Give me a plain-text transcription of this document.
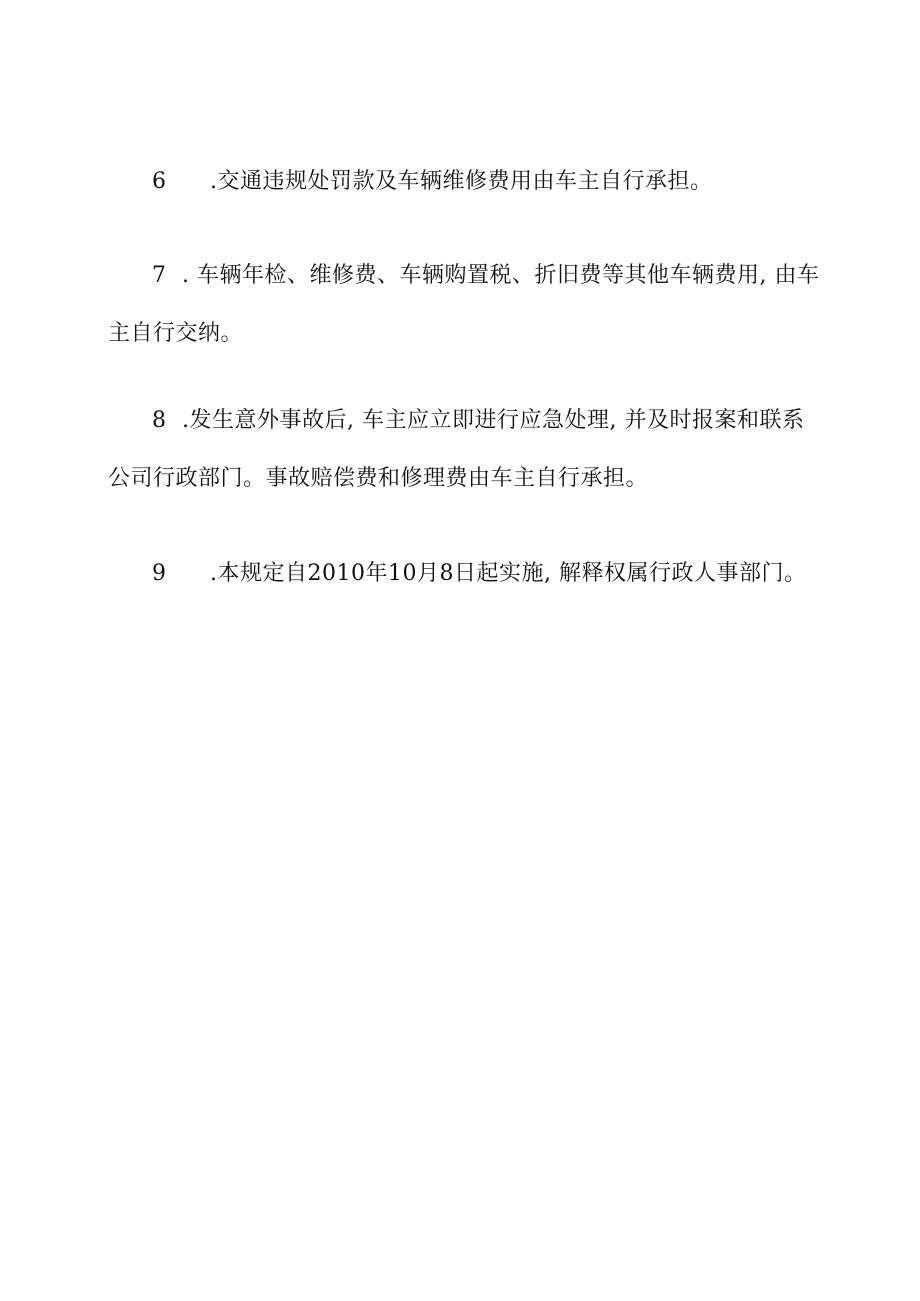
6 .交通违规处罚款及车辆维修费用由车主自行承担。
7 . 车辆年检、维修费、车辆购置税、折旧费等其他车辆费用, 由车主自行交纳。
8 .发生意外事故后, 车主应立即进行应急处理, 并及时报案和联系公司行政部门。事故赔偿费和修理费由车主自行承担。
9 .本规定自2010年10月8日起实施, 解释权属行政人事部门。
